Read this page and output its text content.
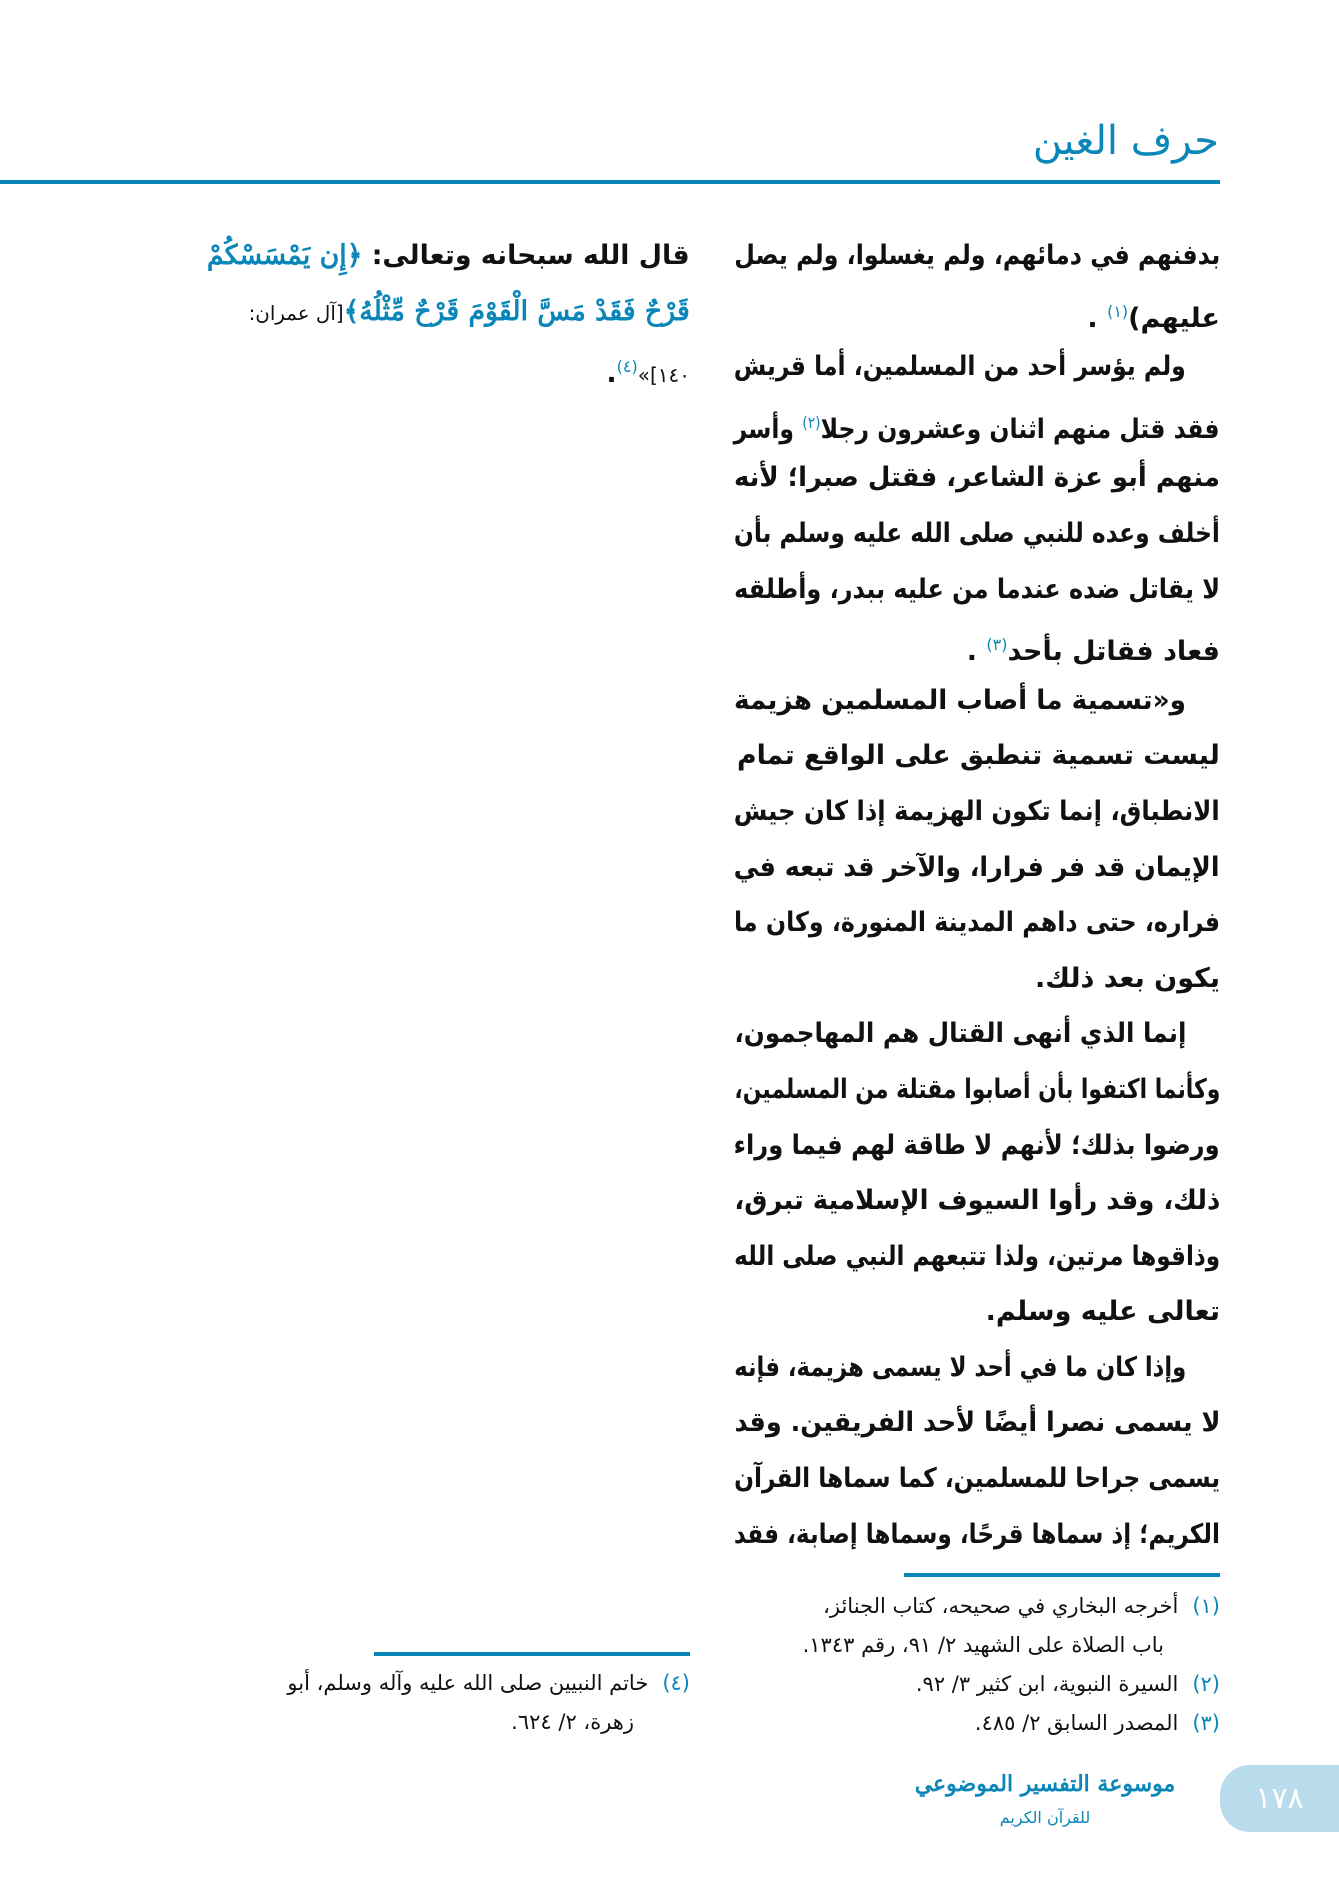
حرف الغين
بدفنهم في دمائهم، ولم يغسلوا، ولم يصل
عليهم)$^{(١)}$ .
ولم يؤسر أحد من المسلمين، أما قريش
فقد قتل منهم اثنان وعشرون رجلا$^{(٢)}$ وأسر
منهم أبو عزة الشاعر، فقتل صبرا؛ لأنه
أخلف وعده للنبي صلى الله عليه وسلم بأن
لا يقاتل ضده عندما من عليه ببدر، وأطلقه
فعاد فقاتل بأحد$^{(٣)}$ .
و«تسمية ما أصاب المسلمين هزيمة
ليست تسمية تنطبق على الواقع تمام
الانطباق، إنما تكون الهزيمة إذا كان جيش
الإيمان قد فر فرارا، والآخر قد تبعه في
فراره، حتى داهم المدينة المنورة، وكان ما
يكون بعد ذلك.
إنما الذي أنهى القتال هم المهاجمون،
وكأنما اكتفوا بأن أصابوا مقتلة من المسلمين،
ورضوا بذلك؛ لأنهم لا طاقة لهم فيما وراء
ذلك، وقد رأوا السيوف الإسلامية تبرق،
وذاقوها مرتين، ولذا تتبعهم النبي صلى الله
تعالى عليه وسلم.
وإذا كان ما في أحد لا يسمى هزيمة، فإنه
لا يسمى نصرا أيضًا لأحد الفريقين. وقد
يسمى جراحا للمسلمين، كما سماها القرآن
الكريم؛ إذ سماها قرحًا، وسماها إصابة، فقد
قال الله سبحانه وتعالى: ﴿إِن يَمْسَسْكُمْ
قَرْحٌ فَقَدْ مَسَّ الْقَوْمَ قَرْحٌ مِّثْلُهُ﴾[آل عمران:
١٤٠]»$^{(٤)}$.
(١)أخرجه البخاري في صحيحه، كتاب الجنائز،
باب الصلاة على الشهيد ٢/ ٩١، رقم ١٣٤٣.
(٢)السيرة النبوية، ابن كثير ٣/ ٩٢.
(٣)المصدر السابق ٢/ ٤٨٥.
(٤)خاتم النبيين صلى الله عليه وآله وسلم، أبو
زهرة، ٢/ ٦٢٤.
موسوعة التفسير الموضوعي
للقرآن الكريم
١٧٨
